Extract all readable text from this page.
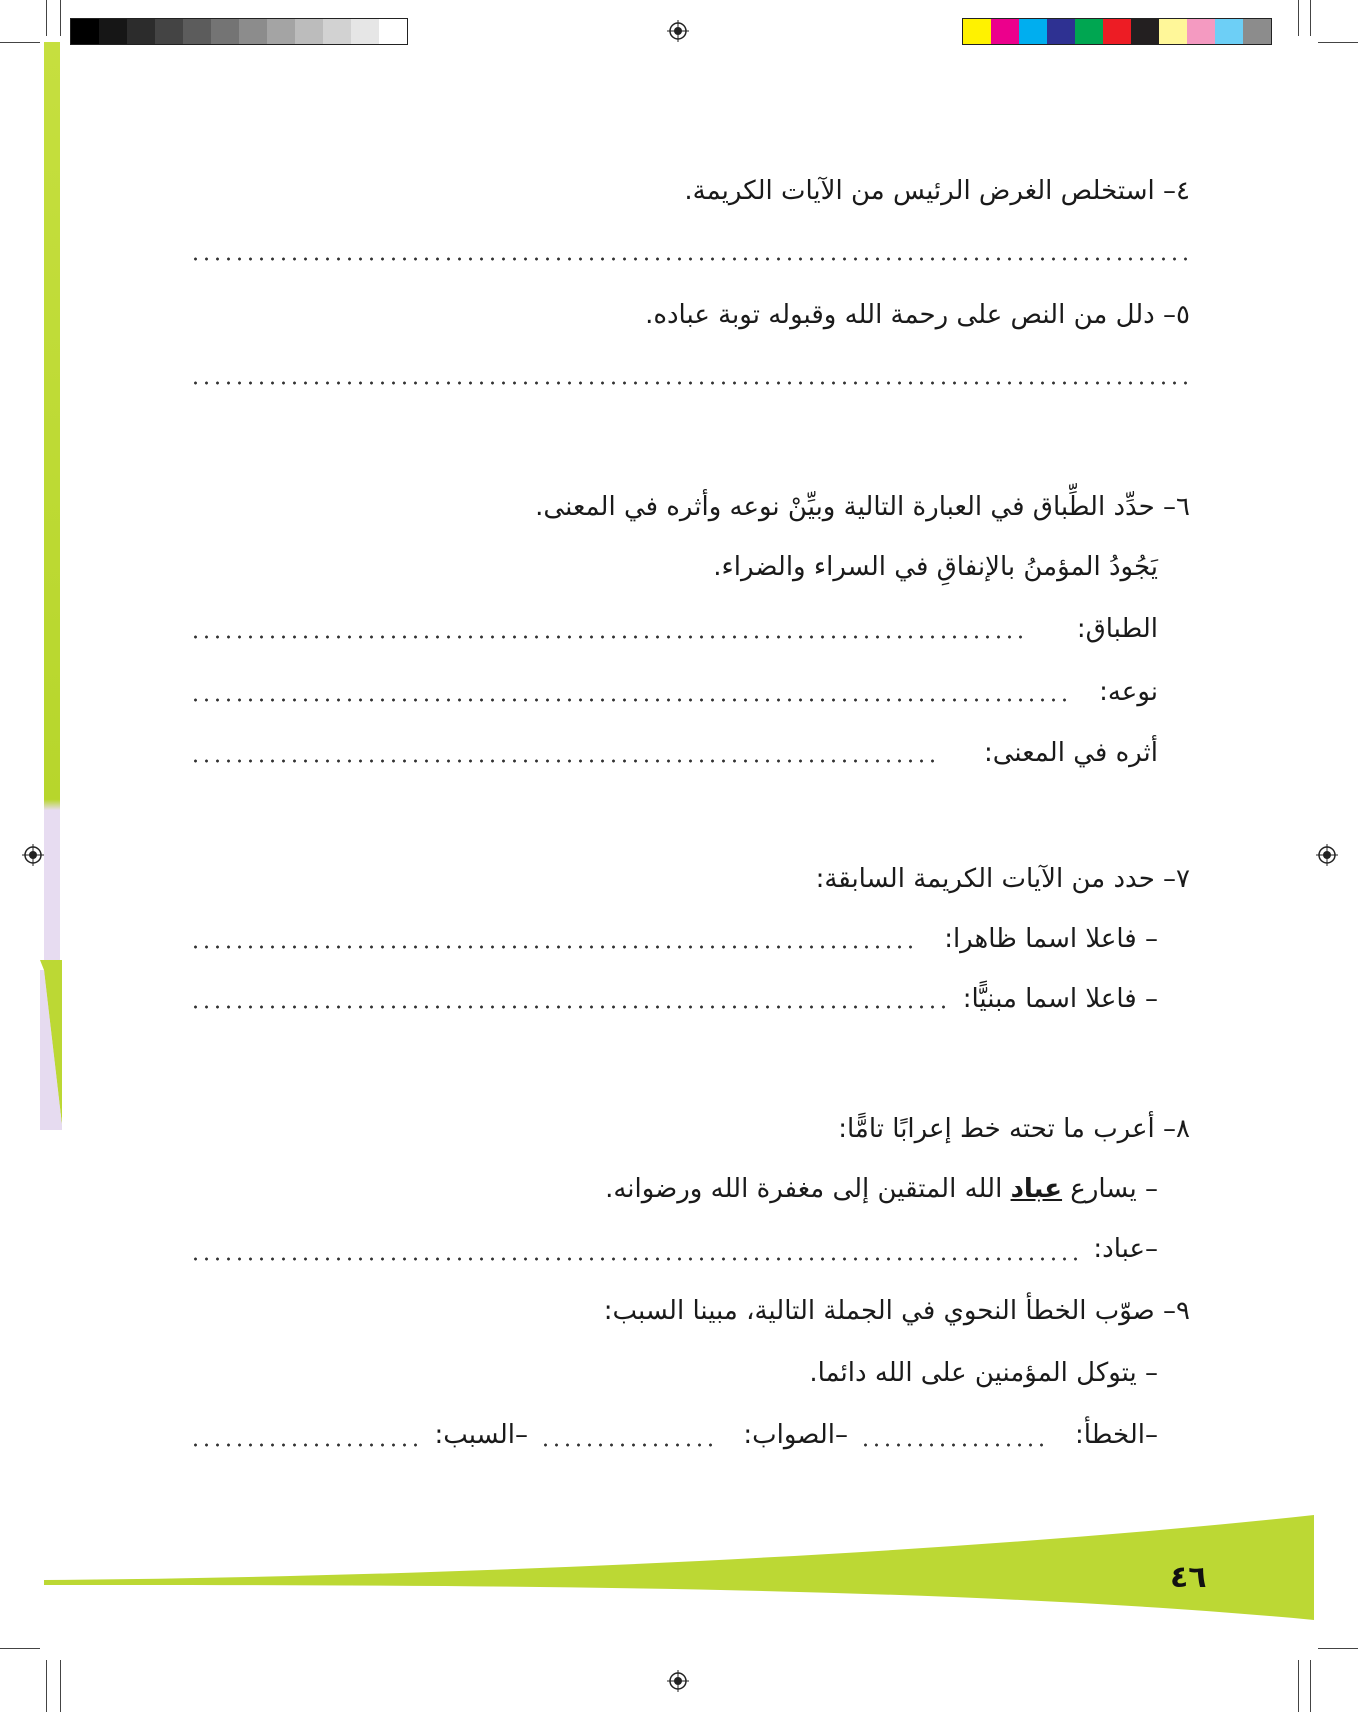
٤٦
٤– استخلص الغرض الرئيس من الآيات الكريمة.
٥– دلل من النص على رحمة الله وقبوله توبة عباده.
٦– حدِّد الطِّباق في العبارة التالية وبيِّنْ نوعه وأثره في المعنى.
يَجُودُ المؤمنُ بالإنفاقِ في السراء والضراء.
الطباق:
نوعه:
أثره في المعنى:
٧– حدد من الآيات الكريمة السابقة:
– فاعلا اسما ظاهرا:
– فاعلا اسما مبنيًّا:
٨– أعرب ما تحته خط إعرابًا تامًّا:
– يسارع عباد الله المتقين إلى مغفرة الله ورضوانه.
–عباد:
٩– صوّب الخطأ النحوي في الجملة التالية، مبينا السبب:
– يتوكل المؤمنين على الله دائما.
–الخطأ:
–الصواب:
–السبب:
